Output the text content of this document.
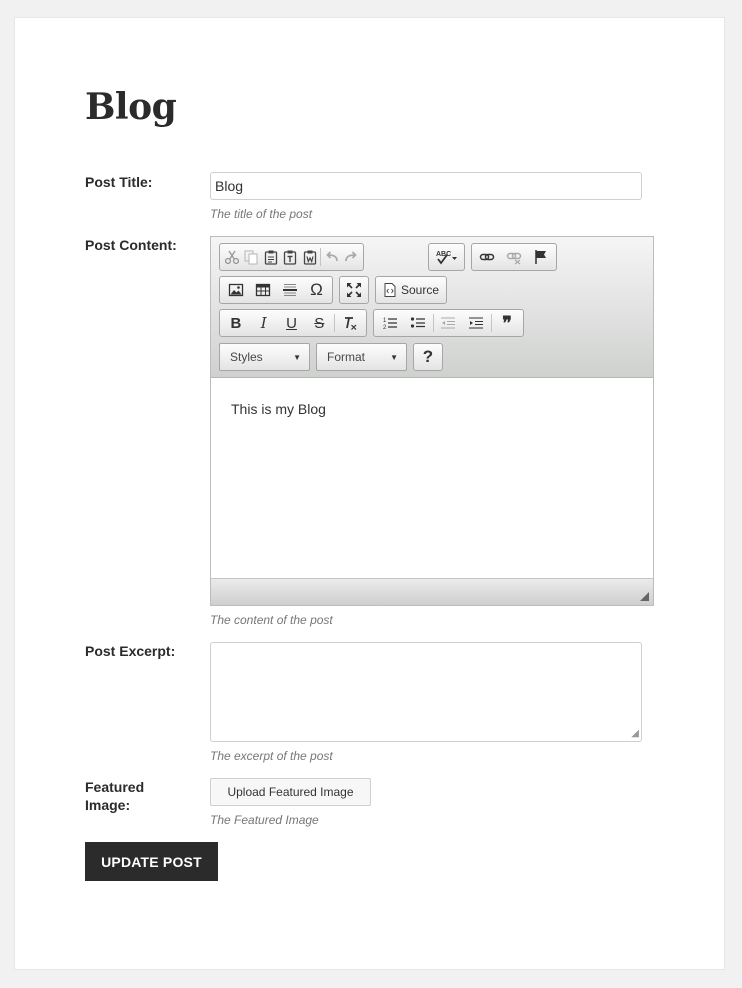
Blog
Post Title:	Blog
The title of the post
Post Content:
ABC
Ω	Source
B	I	U	S	1
2	❞
Styles	▼ Format	▼	?
This is my Blog
The content of the post
Post Excerpt:
◢
The excerpt of the post
Featured
Image:
Upload Featured Image
The Featured Image
UPDATE POST
